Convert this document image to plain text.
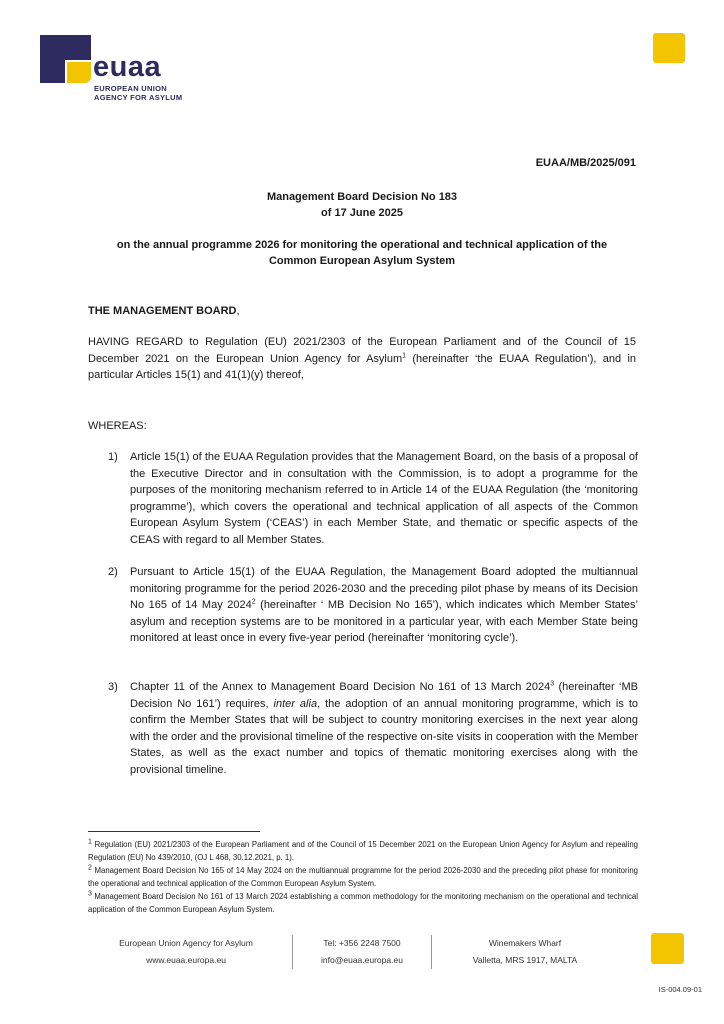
euaa
EUROPEAN UNION
AGENCY FOR ASYLUM
EUAA/MB/2025/091
Management Board Decision No 183
of 17 June 2025
on the annual programme 2026 for monitoring the operational and technical application of the
Common European Asylum System
THE MANAGEMENT BOARD,
HAVING REGARD to Regulation (EU) 2021/2303 of the European Parliament and of the Council of 15 December 2021 on the European Union Agency for Asylum$^1$ (hereinafter ‘the EUAA Regulation’), and in particular Articles 15(1) and 41(1)(y) thereof,
WHEREAS:
1) Article 15(1) of the EUAA Regulation provides that the Management Board, on the basis of a proposal of the Executive Director and in consultation with the Commission, is to adopt a programme for the purposes of the monitoring mechanism referred to in Article 14 of the EUAA Regulation (the ‘monitoring programme’), which covers the operational and technical application of all aspects of the Common European Asylum System (‘CEAS’) in each Member State, and thematic or specific aspects of the CEAS with regard to all Member States.
2) Pursuant to Article 15(1) of the EUAA Regulation, the Management Board adopted the multiannual monitoring programme for the period 2026-2030 and the preceding pilot phase by means of its Decision No 165 of 14 May 2024$^2$ (hereinafter ‘ MB Decision No 165’), which indicates which Member States’ asylum and reception systems are to be monitored in a particular year, with each Member State being monitored at least once in every five-year period (hereinafter ‘monitoring cycle’).
3) Chapter 11 of the Annex to Management Board Decision No 161 of 13 March 2024$^3$ (hereinafter ‘MB Decision No 161’) requires, inter alia, the adoption of an annual monitoring programme, which is to confirm the Member States that will be subject to country monitoring exercises in the next year along with the order and the provisional timeline of the respective on-site visits in cooperation with the Member States, as well as the exact number and topics of thematic monitoring exercises along with the provisional timeline.
$^1$ Regulation (EU) 2021/2303 of the European Parliament and of the Council of 15 December 2021 on the European Union Agency for Asylum and repealing Regulation (EU) No 439/2010, (OJ L 468, 30.12.2021, p. 1).
$^2$ Management Board Decision No 165 of 14 May 2024 on the multiannual programme for the period 2026-2030 and the preceding pilot phase for monitoring the operational and technical application of the Common European Asylum System.
$^3$ Management Board Decision No 161 of 13 March 2024 establishing a common methodology for the monitoring mechanism on the operational and technical application of the Common European Asylum System.
European Union Agency for Asylum
www.euaa.europa.eu
Tel: +356 2248 7500
info@euaa.europa.eu
Winemakers Wharf
Valletta, MRS 1917, MALTA
IS-004.09-01
